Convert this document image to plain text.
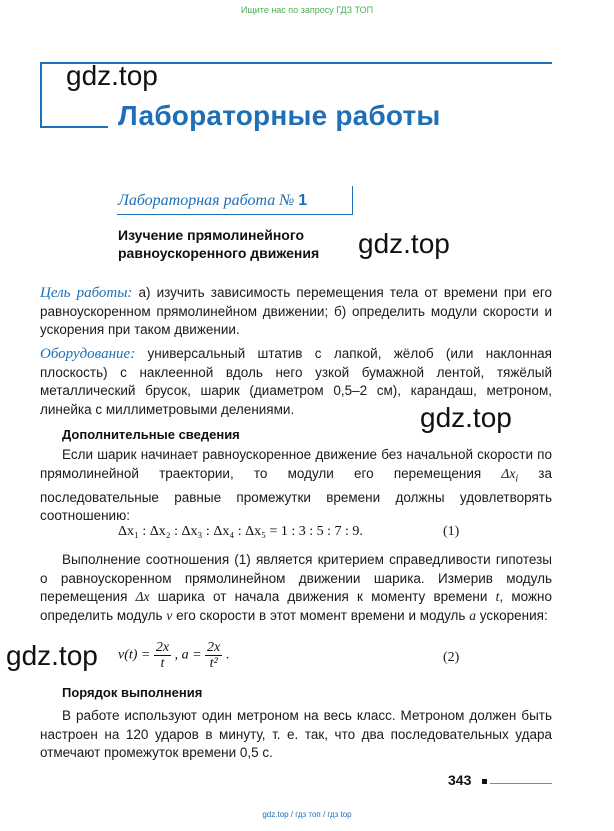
Ищите нас по запросу ГДЗ ТОП
gdz.top
Лабораторные работы
Лабораторная работа № 1
Изучение прямолинейного
равноускоренного движения gdz.top
Цель работы: а) изучить зависимость перемещения тела от времени при его равноускоренном прямолинейном движении; б) определить модули скорости и ускорения при таком движении.
Оборудование: универсальный штатив с лапкой, жёлоб (или наклонная плоскость) с наклеенной вдоль него узкой бумажной лентой, тяжёлый металлический брусок, шарик (диаметром 0,5–2 см), карандаш, метроном, линейка с миллиметровыми делениями.	gdz.top
Дополнительные сведения
Если шарик начинает равноускоренное движение без начальной скорости по прямолинейной траектории, то модули его перемещения $\Delta x_i$ за последовательные равные промежутки времени должны удовлетворять соотношению:
Δx₁ : Δx₂ : Δx₃ : Δx₄ : Δx₅ = 1 : 3 : 5 : 7 : 9.	(1)
Выполнение соотношения (1) является критерием справедливости гипотезы о равноускоренном прямолинейном движении шарика. Измерив модуль перемещения Δx шарика от начала движения к моменту времени t, можно определить модуль v его скорости в этот момент времени и модуль a ускорения:
gdz.top $v(t) = \frac{2x}{t}$ , $a = \frac{2x}{\text{t²}}$ .	(2)
Порядок выполнения
В работе используют один метроном на весь класс. Метроном должен быть настроен на 120 ударов в минуту, т. е. так, что два последовательных удара отмечают промежуток времени 0,5 с.
343
gdz.top / гдз топ / гдз top
